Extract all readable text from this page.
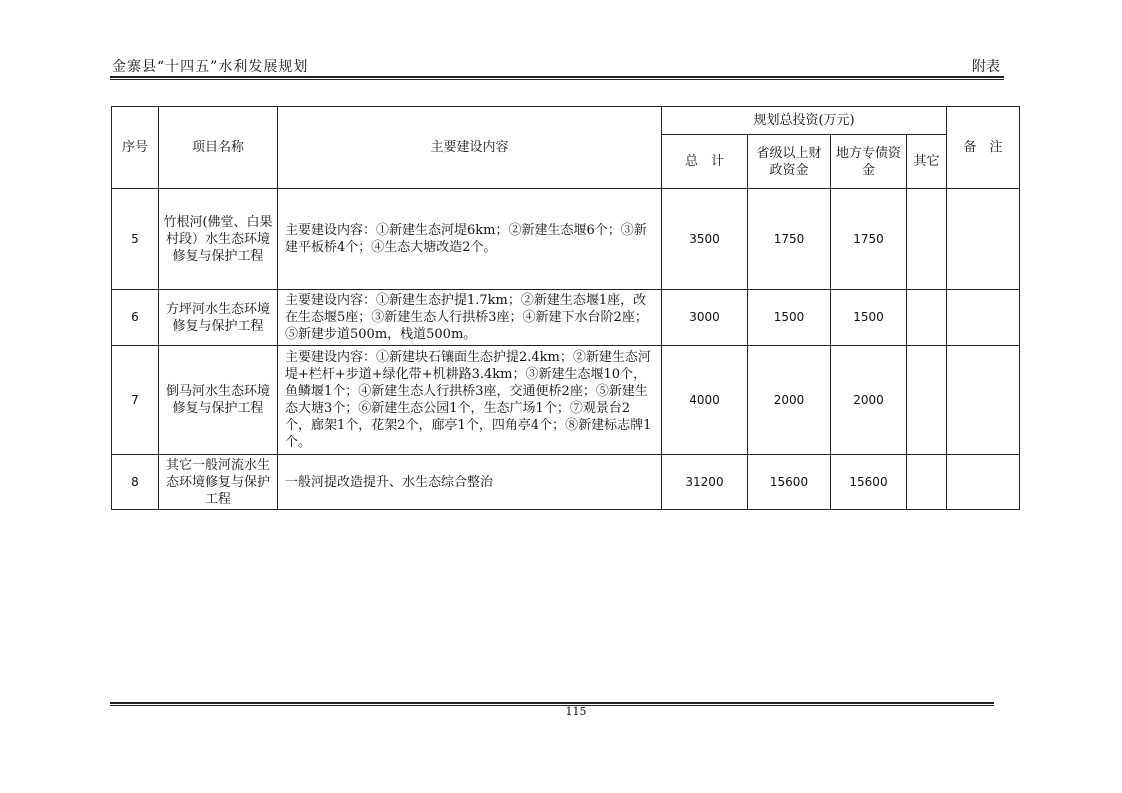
金寨县“十四五”水利发展规划	附表
序号	项目名称	主要建设内容	规划总投资(万元)				备　注
			总　计	省级以上财政资金	地方专债资金	其它	
5	竹根河(佛堂、白果村段）水生态环境修复与保护工程	主要建设内容：①新建生态河堤6km；②新建生态堰6个；③新建平板桥4个；④生态大塘改造2个。	3500	1750	1750		
6	方坪河水生态环境修复与保护工程	主要建设内容：①新建生态护提1.7km；②新建生态堰1座，改在生态堰5座；③新建生态人行拱桥3座；④新建下水台阶2座；⑤新建步道500m，栈道500m。	3000	1500	1500		
7	倒马河水生态环境修复与保护工程	主要建设内容：①新建块石镶面生态护提2.4km；②新建生态河堤+栏杆+步道+绿化带+机耕路3.4km；③新建生态堰10个，鱼鳞堰1个；④新建生态人行拱桥3座，交通便桥2座；⑤新建生态大塘3个；⑥新建生态公园1个，生态广场1个；⑦观景台2个，廊架1个，花架2个，廊亭1个，四角亭4个；⑧新建标志牌1个。	4000	2000	2000		
8	其它一般河流水生态环境修复与保护工程	一般河提改造提升、水生态综合整治	31200	15600	15600		
115
